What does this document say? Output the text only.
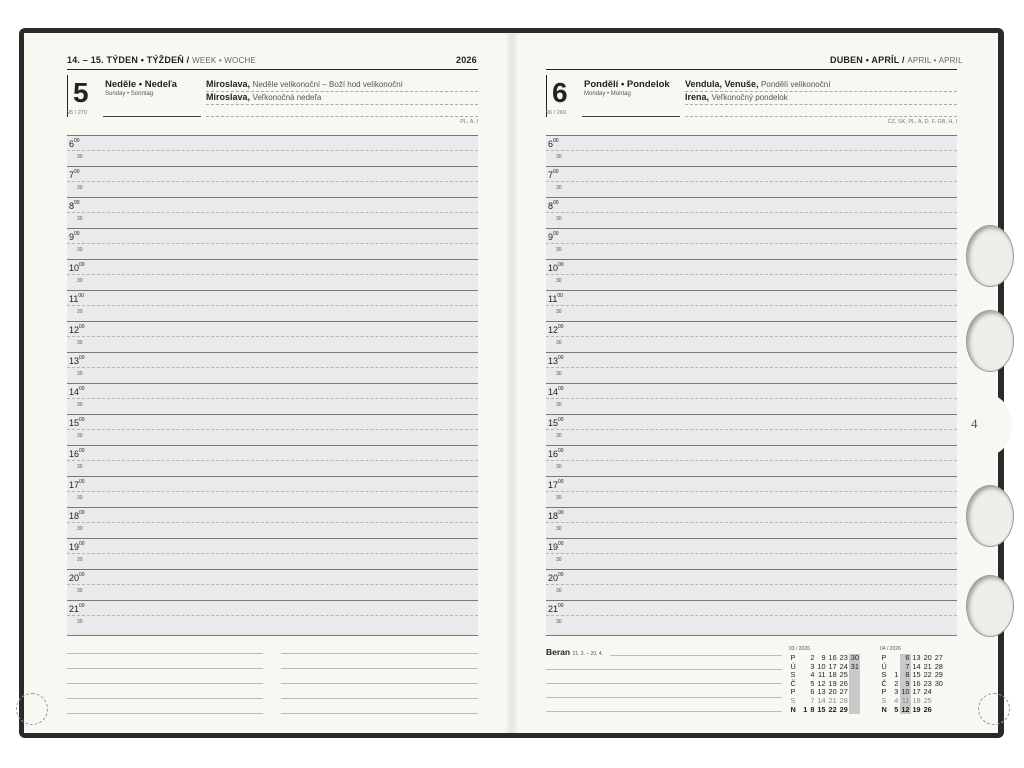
14. – 15. TÝDEN • TÝŽDEŇ / WEEK • WOCHE	2026
5 Neděle • Nedeľa
Sunday • Sonntag
95 / 270
Miroslava, Neděle velikonoční – Boží hod velikonoční
Miroslava, Veľkonočná nedeľa
PL, A, I
$6^{00}$
30
$7^{00}$
30
$8^{00}$
30
$9^{00}$
30
$10^{00}$
30
$11^{00}$
30
$12^{00}$
30
$13^{00}$
30
$14^{00}$
30
$15^{00}$
30
$16^{00}$
30
$17^{00}$
30
$18^{00}$
30
$19^{00}$
30
$20^{00}$
30
$21^{00}$
30
DUBEN • APRÍL / APRIL • APRIL
6 Pondělí • Pondelok
Monday • Montag
96 / 269
Vendula, Venuše, Pondělí velikonoční
Irena, Veľkonočný pondelok
CZ, SK, PL, A, D, F, GB, H, I
$6^{00}$
30
$7^{00}$
30
$8^{00}$
30
$9^{00}$
30
$10^{00}$
30
$11^{00}$
30
$12^{00}$
30
$13^{00}$
30
$14^{00}$
30
$15^{00}$
30
$16^{00}$
30
$17^{00}$
30
$18^{00}$
30
$19^{00}$
30
$20^{00}$
30
$21^{00}$
30
Beran 21. 3. – 20. 4.
03 / 2026
P		2	9	16	23	30
Ú		3	10	17	24	31
S		4	11	18	25	
Č		5	12	19	26	
P		6	13	20	27	
S		7	14	21	28	
N	1	8	15	22	29	
04 / 2026
P		6	13	20	27
Ú		7	14	21	28
S	1	8	15	22	29
Č	2	9	16	23	30
P	3	10	17	24	
S	4	11	18	25	
N	5	12	19	26	
4
